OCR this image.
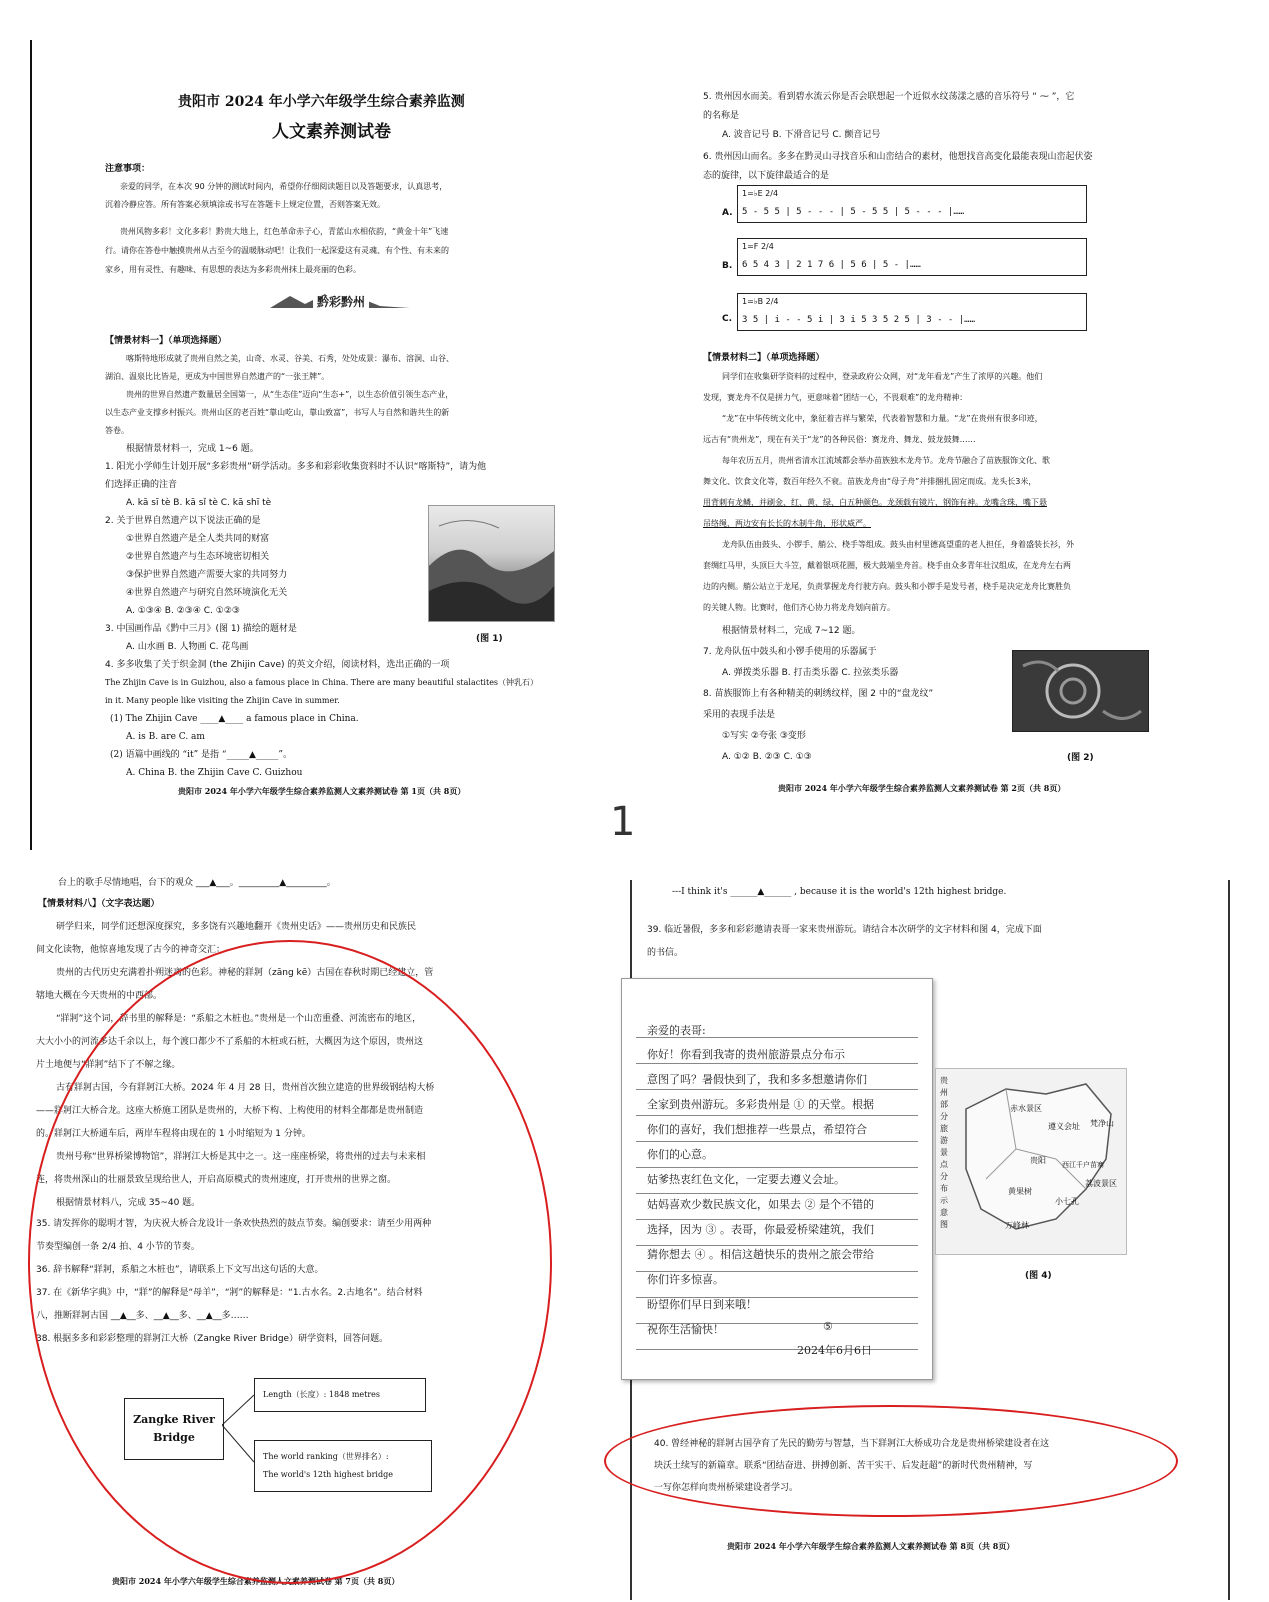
贵阳市 2024 年小学六年级学生综合素养监测
人文素养测试卷
注意事项：
亲爱的同学，在本次 90 分钟的测试时间内，希望你仔细阅读题目以及答题要求，认真思考，
沉着冷静应答。所有答案必须填涂或书写在答题卡上规定位置，否则答案无效。
贵州风物多彩！文化多彩！黔贵大地上，红色革命赤子心，青蓝山水相依韵，“黄金十年”飞速
行。请你在答卷中触摸贵州从古至今的温暖脉动吧！让我们一起深爱这有灵魂、有个性、有未来的
家乡，用有灵性、有趣味、有思想的表达为多彩贵州抹上最亮丽的色彩。
黔彩黔州
【情景材料一】（单项选择题）
喀斯特地形成就了贵州自然之美，山奇、水灵、谷美、石秀，处处成景：瀑布、溶洞、山谷、
湖泊、温泉比比皆是，更成为中国世界自然遗产的“一张王牌”。
贵州的世界自然遗产数量居全国第一，从“生态佳”迈向“生态+”，以生态价值引领生态产业，
以生态产业支撑乡村振兴。贵州山区的老百姓“靠山吃山，靠山致富”，书写人与自然和谐共生的新
答卷。
根据情景材料一，完成 1~6 题。
1. 阳光小学师生计划开展“多彩贵州”研学活动。多多和彩彩收集资料时不认识“喀斯特”，请为他
们选择正确的注音
A. kā sī tè B. kā sǐ tè C. kā shī tè
2. 关于世界自然遗产以下说法正确的是
①世界自然遗产是全人类共同的财富
②世界自然遗产与生态环境密切相关
③保护世界自然遗产需要大家的共同努力
④世界自然遗产与研究自然环境演化无关
A. ①③④ B. ②③④ C. ①②③
3. 中国画作品《黔中三月》(图 1) 描绘的题材是
A. 山水画 B. 人物画 C. 花鸟画
(图 1)
4. 多多收集了关于织金洞 (the Zhijin Cave) 的英文介绍，阅读材料，选出正确的一项
The Zhijin Cave is in Guizhou, also a famous place in China. There are many beautiful stalactites（钟乳石）
in it. Many people like visiting the Zhijin Cave in summer.
(1) The Zhijin Cave ____▲____ a famous place in China.
A. is B. are C. am
(2) 语篇中画线的 “it” 是指 “_____▲_____”。
A. China B. the Zhijin Cave C. Guizhou
贵阳市 2024 年小学六年级学生综合素养监测人文素养测试卷 第 1页（共 8页）
1
5. 贵州因水而美。看到碧水流云你是否会联想起一个近似水纹荡漾之感的音乐符号 “ ⁓ ”，它
的名称是
A. 波音记号 B. 下滑音记号 C. 颤音记号
6. 贵州因山而名。多多在黔灵山寻找音乐和山峦结合的素材，他想找音高变化最能表现山峦起伏姿
态的旋律，以下旋律最适合的是
A.
1=♭E 2/4
5 - 5 5 | 5 - - - | 5 - 5 5 | 5 - - - |……
B.
1=F 2/4
6 5 4 3 | 2 1 7 6 | 5 6 | 5 - |……
C.
1=♭B 2/4
3 5 | i - - 5 i | 3 i 5 3 5 2 5 | 3 - - |……
【情景材料二】（单项选择题）
同学们在收集研学资料的过程中，登录政府公众网，对“龙年看龙”产生了浓厚的兴趣。他们
发现，赛龙舟不仅是拼力气，更意味着“团结一心，不畏艰难”的龙舟精神：
“龙”在中华传统文化中，象征着吉祥与繁荣，代表着智慧和力量。“龙”在贵州有很多印迹，
远古有“贵州龙”，现在有关于“龙”的各种民俗：赛龙舟、舞龙、鼓龙鼓舞……
每年农历五月，贵州省清水江流域都会举办苗族独木龙舟节。龙舟节融合了苗族服饰文化、歌
舞文化、饮食文化等，数百年经久不衰。苗族龙舟由“母子舟”并排捆扎固定而成。龙头长3米，
用背刺有龙鳞，并刷金、红、黄、绿、白五种颜色。龙颈载有镜片，钢饰有神。龙嘴含珠，嘴下悬
吊络绳，两边安有长长的木制牛角，形状威严。
龙舟队伍由鼓头、小锣手、艄公、桡手等组成。鼓头由村里德高望重的老人担任，身着盛装长衫，外
套绸红马甲，头顶巨大斗笠，戴着银项花圈，极大鼓端坐舟首。桡手由众多青年壮汉组成，在龙舟左右两
边的内侧。艄公站立于龙尾，负责掌握龙舟行驶方向。鼓头和小锣手是发号者，桡手是决定龙舟比赛胜负
的关键人物。比赛时，他们齐心协力将龙舟划向前方。
根据情景材料二，完成 7~12 题。
7. 龙舟队伍中鼓头和小锣手使用的乐器属于
A. 弹拨类乐器 B. 打击类乐器 C. 拉弦类乐器
8. 苗族服饰上有各种精美的刺绣纹样，图 2 中的“盘龙纹”
采用的表现手法是
①写实 ②夸张 ③变形
A. ①② B. ②③ C. ①③	(图 2)
贵阳市 2024 年小学六年级学生综合素养监测人文素养测试卷 第 2页（共 8页）
台上的歌手尽情地唱，台下的观众 ___▲___。_________▲_________。
【情景材料八】（文字表达题）
研学归来，同学们还想深度探究，多多饶有兴趣地翻开《贵州史话》——贵州历史和民族民
间文化读物，他惊喜地发现了古今的神奇交汇：
贵州的古代历史充满着扑朔迷离的色彩。神秘的牂牁（zāng kē）古国在春秋时期已经建立，管
辖地大概在今天贵州的中西部。
“牂牁”这个词，辞书里的解释是：“系船之木桩也。”贵州是一个山峦重叠、河流密布的地区，
大大小小的河流多达千余以上，每个渡口都少不了系船的木桩或石桩，大概因为这个原因，贵州这
片土地便与“牂牁”结下了不解之缘。
古有牂牁古国，今有牂牁江大桥。2024 年 4 月 28 日，贵州首次独立建造的世界级钢结构大桥
——牂牁江大桥合龙。这座大桥施工团队是贵州的，大桥下构、上构使用的材料全都都是贵州制造
的。牂牁江大桥通车后，两岸车程将由现在的 1 小时缩短为 1 分钟。
贵州号称“世界桥梁博物馆”，牂牁江大桥是其中之一。这一座座桥梁，将贵州的过去与未来相
连，将贵州深山的壮丽景致呈现给世人，开启高原模式的贵州速度，打开贵州的世界之窗。
根据情景材料八，完成 35~40 题。
35. 请发挥你的聪明才智，为庆祝大桥合龙设计一条欢快热烈的鼓点节奏。编创要求：请至少用两种
节奏型编创一条 2/4 拍、4 小节的节奏。
36. 辞书解释“牂牁，系船之木桩也”，请联系上下文写出这句话的大意。
37. 在《新华字典》中，“牂”的解释是“母羊”，“牁”的解释是：“1.古水名。2.古地名”。结合材料
八，推断牂牁古国 __▲__多、__▲__多、__▲__多……
38. 根据多多和彩彩整理的牂牁江大桥（Zangke River Bridge）研学资料，回答问题。
Zangke River Bridge
Length（长度）: 1848 metres
The world ranking（世界排名）:
The world's 12th highest bridge
贵阳市 2024 年小学六年级学生综合素养监测人文素养测试卷 第 7页（共 8页）
---I think it's ______▲______ , because it is the world's 12th highest bridge.
39. 临近暑假，多多和彩彩邀请表哥一家来贵州游玩。请结合本次研学的文字材料和图 4，完成下面
的书信。
亲爱的表哥:
你好！你看到我寄的贵州旅游景点分布示
意图了吗？暑假快到了，我和多多想邀请你们
全家到贵州游玩。多彩贵州是 ① 的天堂。根据
你们的喜好，我们想推荐一些景点，希望符合
你们的心意。
姑爹热衷红色文化，一定要去遵义会址。
姑妈喜欢少数民族文化，如果去 ② 是个不错的
选择，因为 ③ 。表哥，你最爱桥梁建筑，我们
猜你想去 ④ 。相信这趟快乐的贵州之旅会带给
你们许多惊喜。
盼望你们早日到来哦！
祝你生活愉快！	⑤
2024年6月6日
贵州部分旅游景点分布示意图
赤水景区
遵义会址 梵净山
贵阳
黄果树
荔波景区
小七孔
万峰林
西江千户苗寨
(图 4)
40. 曾经神秘的牂牁古国孕育了先民的勤劳与智慧，当下牂牁江大桥成功合龙是贵州桥梁建设者在这
块沃土续写的新篇章。联系“团结奋进、拼搏创新、苦干实干、后发赶超”的新时代贵州精神，写
一写你怎样向贵州桥梁建设者学习。
贵阳市 2024 年小学六年级学生综合素养监测人文素养测试卷 第 8页（共 8页）
